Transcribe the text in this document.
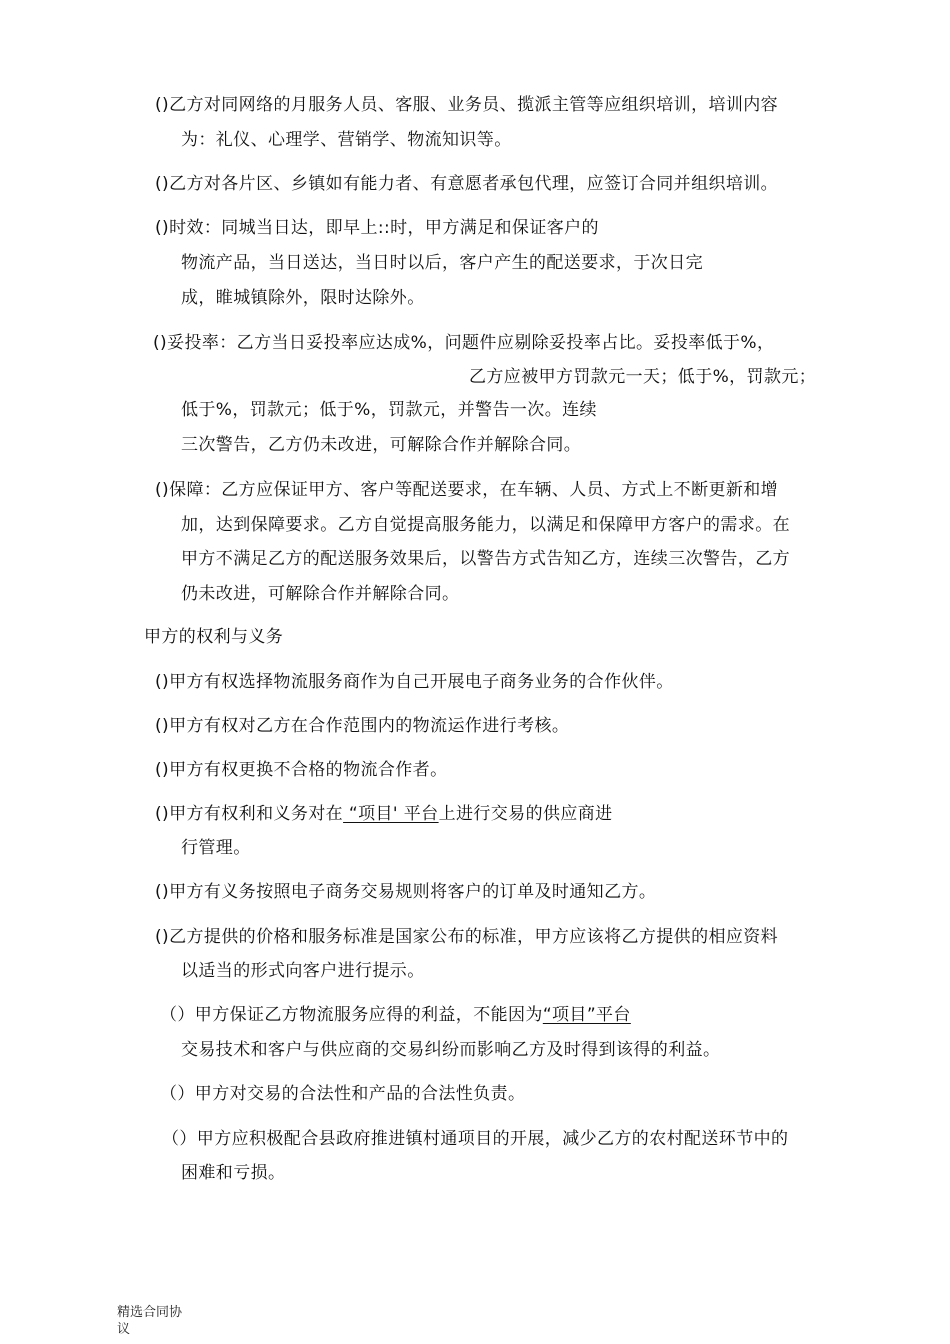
()乙方对同网络的月服务人员、客服、业务员、揽派主管等应组织培训，培训内容
为：礼仪、心理学、营销学、物流知识等。
()乙方对各片区、乡镇如有能力者、有意愿者承包代理，应签订合同并组织培训。
()时效：同城当日达，即早上::时，甲方满足和保证客户的
物流产品，当日送达，当日时以后，客户产生的配送要求，于次日完
成，睢城镇除外，限时达除外。
()妥投率：乙方当日妥投率应达成%，问题件应剔除妥投率占比。妥投率低于%，
乙方应被甲方罚款元一天；低于%，罚款元；
低于%，罚款元；低于%，罚款元，并警告一次。连续
三次警告，乙方仍未改进，可解除合作并解除合同。
()保障：乙方应保证甲方、客户等配送要求，在车辆、人员、方式上不断更新和增
加，达到保障要求。乙方自觉提高服务能力，以满足和保障甲方客户的需求。在
甲方不满足乙方的配送服务效果后，以警告方式告知乙方，连续三次警告，乙方
仍未改进，可解除合作并解除合同。
甲方的权利与义务
()甲方有权选择物流服务商作为自己开展电子商务业务的合作伙伴。
()甲方有权对乙方在合作范围内的物流运作进行考核。
()甲方有权更换不合格的物流合作者。
()甲方有权利和义务对在 “项目' 平台上进行交易的供应商进
行管理。
()甲方有义务按照电子商务交易规则将客户的订单及时通知乙方。
()乙方提供的价格和服务标准是国家公布的标准，甲方应该将乙方提供的相应资料
以适当的形式向客户进行提示。
（）甲方保证乙方物流服务应得的利益，不能因为“项目”平台
交易技术和客户与供应商的交易纠纷而影响乙方及时得到该得的利益。
（）甲方对交易的合法性和产品的合法性负责。
（）甲方应积极配合县政府推进镇村通项目的开展，减少乙方的农村配送环节中的
困难和亏损。
精选合同协
议
